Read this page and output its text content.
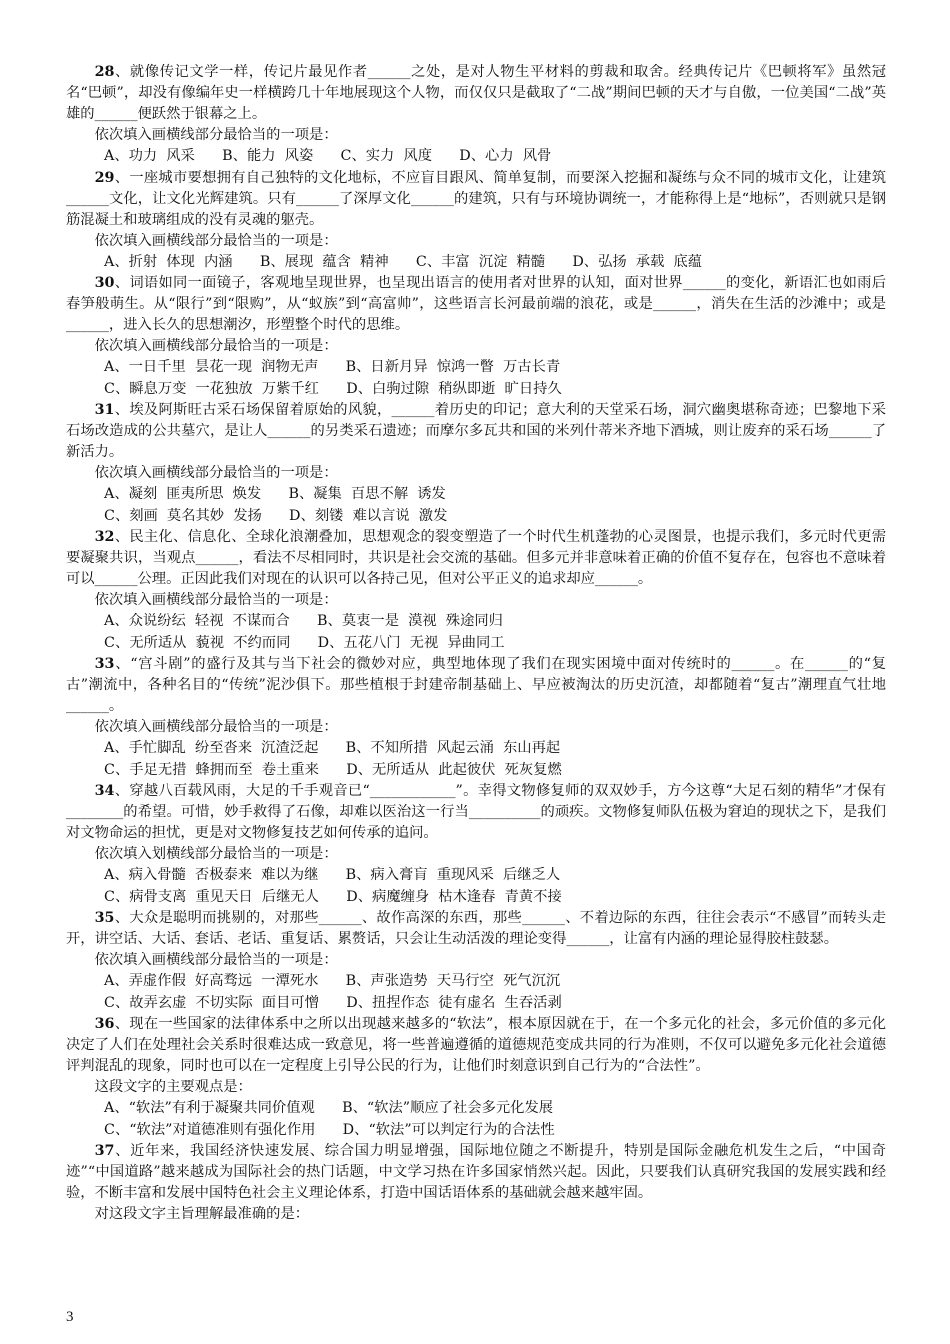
28、就像传记文学一样，传记片最见作者______之处，是对人物生平材料的剪裁和取舍。经典传记片《巴顿将军》虽然冠名“巴顿”，却没有像编年史一样横跨几十年地展现这个人物，而仅仅只是截取了“二战”期间巴顿的天才与自傲，一位美国“二战”英雄的______便跃然于银幕之上。

依次填入画横线部分最恰当的一项是：

A、功力  风采      B、能力  风姿      C、实力  风度      D、心力  风骨

29、一座城市要想拥有自己独特的文化地标，不应盲目跟风、简单复制，而要深入挖掘和凝练与众不同的城市文化，让建筑______文化，让文化光辉建筑。只有______了深厚文化______的建筑，只有与环境协调统一，才能称得上是“地标”，否则就只是钢筋混凝土和玻璃组成的没有灵魂的躯壳。

依次填入画横线部分最恰当的一项是：

A、折射  体现  内涵      B、展现  蕴含  精神      C、丰富  沉淀  精髓      D、弘扬  承载  底蕴

30、词语如同一面镜子，客观地呈现世界，也呈现出语言的使用者对世界的认知，面对世界______的变化，新语汇也如雨后春笋般萌生。从“限行”到“限购”，从“蚁族”到“高富帅”，这些语言长河最前端的浪花，或是______，消失在生活的沙滩中；或是______，进入长久的思想潮汐，形塑整个时代的思维。

依次填入画横线部分最恰当的一项是：

A、一日千里  昙花一现  润物无声      B、日新月异  惊鸿一瞥  万古长青

C、瞬息万变  一花独放  万紫千红      D、白驹过隙  稍纵即逝  旷日持久

31、埃及阿斯旺古采石场保留着原始的风貌，______着历史的印记；意大利的天堂采石场，洞穴幽奥堪称奇迹；巴黎地下采石场改造成的公共墓穴，是让人______的另类采石遗迹；而摩尔多瓦共和国的米列什蒂米齐地下酒城，则让废弃的采石场______了新活力。

依次填入画横线部分最恰当的一项是：

A、凝刻  匪夷所思  焕发      B、凝集  百思不解  诱发

C、刻画  莫名其妙  发扬      D、刻镂  难以言说  激发

32、民主化、信息化、全球化浪潮叠加，思想观念的裂变塑造了一个时代生机蓬勃的心灵图景，也提示我们，多元时代更需要凝聚共识，当观点______，看法不尽相同时，共识是社会交流的基础。但多元并非意味着正确的价值不复存在，包容也不意味着可以______公理。正因此我们对现在的认识可以各持己见，但对公平正义的追求却应______。

依次填入画横线部分最恰当的一项是：

A、众说纷纭  轻视  不谋而合      B、莫衷一是  漠视  殊途同归

C、无所适从  藐视  不约而同      D、五花八门  无视  异曲同工

33、“宫斗剧”的盛行及其与当下社会的微妙对应，典型地体现了我们在现实困境中面对传统时的______。在______的“复古”潮流中，各种名目的“传统”泥沙俱下。那些植根于封建帝制基础上、早应被淘汰的历史沉渣，却都随着“复古”潮理直气壮地______。

依次填入画横线部分最恰当的一项是：

A、手忙脚乱  纷至沓来  沉渣泛起      B、不知所措  风起云涌  东山再起

C、手足无措  蜂拥而至  卷土重来      D、无所适从  此起彼伏  死灰复燃

34、穿越八百载风雨，大足的千手观音已“____________”。幸得文物修复师的双双妙手，方今这尊“大足石刻的精华”才保有________的希望。可惜，妙手救得了石像，却难以医治这一行当__________的顽疾。文物修复师队伍极为窘迫的现状之下，是我们对文物命运的担忧，更是对文物修复技艺如何传承的追问。

依次填入划横线部分最恰当的一项是：

A、病入骨髓  否极泰来  难以为继      B、病入膏肓  重现风采  后继乏人

C、病骨支离  重见天日  后继无人      D、病魔缠身  枯木逢春  青黄不接

35、大众是聪明而挑剔的，对那些______、故作高深的东西，那些______、不着边际的东西，往往会表示“不感冒”而转头走开，讲空话、大话、套话、老话、重复话、累赘话，只会让生动活泼的理论变得______，让富有内涵的理论显得胶柱鼓瑟。

依次填入画横线部分最恰当的一项是：

A、弄虚作假  好高骛远  一潭死水      B、声张造势  天马行空  死气沉沉

C、故弄玄虚  不切实际  面目可憎      D、扭捏作态  徒有虚名  生吞活剥

36、现在一些国家的法律体系中之所以出现越来越多的“软法”，根本原因就在于，在一个多元化的社会，多元价值的多元化决定了人们在处理社会关系时很难达成一致意见，将一些普遍遵循的道德规范变成共同的行为准则，不仅可以避免多元化社会道德评判混乱的现象，同时也可以在一定程度上引导公民的行为，让他们时刻意识到自己行为的“合法性”。

这段文字的主要观点是：

A、“软法”有利于凝聚共同价值观      B、“软法”顺应了社会多元化发展

C、“软法”对道德准则有强化作用      D、“软法”可以判定行为的合法性

37、近年来，我国经济快速发展、综合国力明显增强，国际地位随之不断提升，特别是国际金融危机发生之后，“中国奇迹”“中国道路”越来越成为国际社会的热门话题，中文学习热在许多国家悄然兴起。因此，只要我们认真研究我国的发展实践和经验，不断丰富和发展中国特色社会主义理论体系，打造中国话语体系的基础就会越来越牢固。

对这段文字主旨理解最准确的是：

3
